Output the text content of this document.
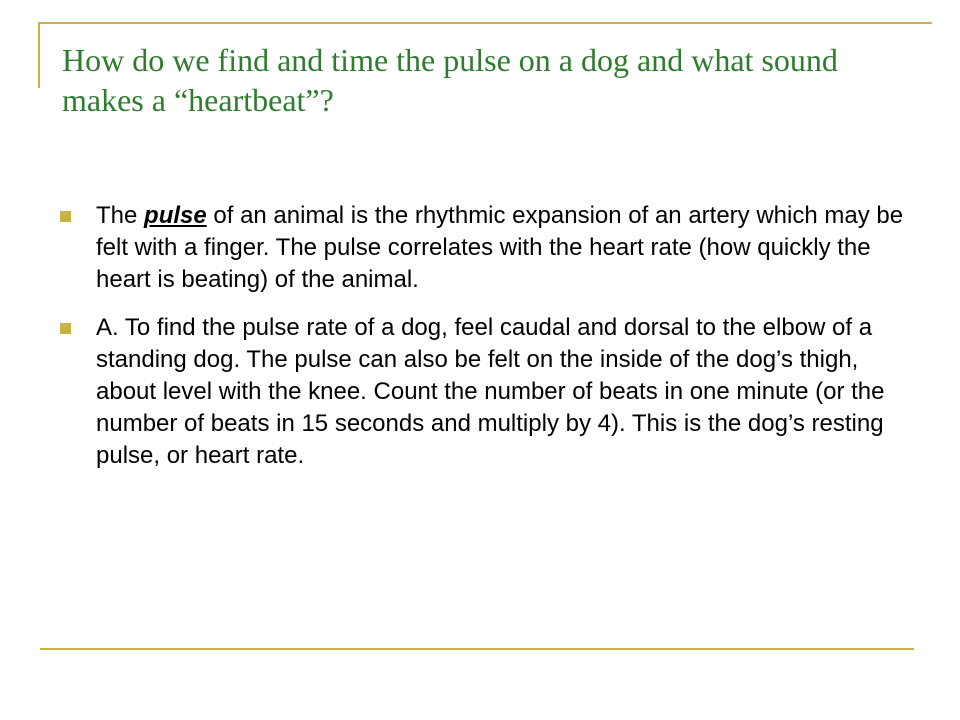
How do we find and time the pulse on a dog and what sound makes a “heartbeat”?
The pulse of an animal is the rhythmic expansion of an artery which may be felt with a finger. The pulse correlates with the heart rate (how quickly the heart is beating) of the animal.
A. To find the pulse rate of a dog, feel caudal and dorsal to the elbow of a standing dog. The pulse can also be felt on the inside of the dog’s thigh, about level with the knee. Count the number of beats in one minute (or the number of beats in 15 seconds and multiply by 4). This is the dog’s resting pulse, or heart rate.
